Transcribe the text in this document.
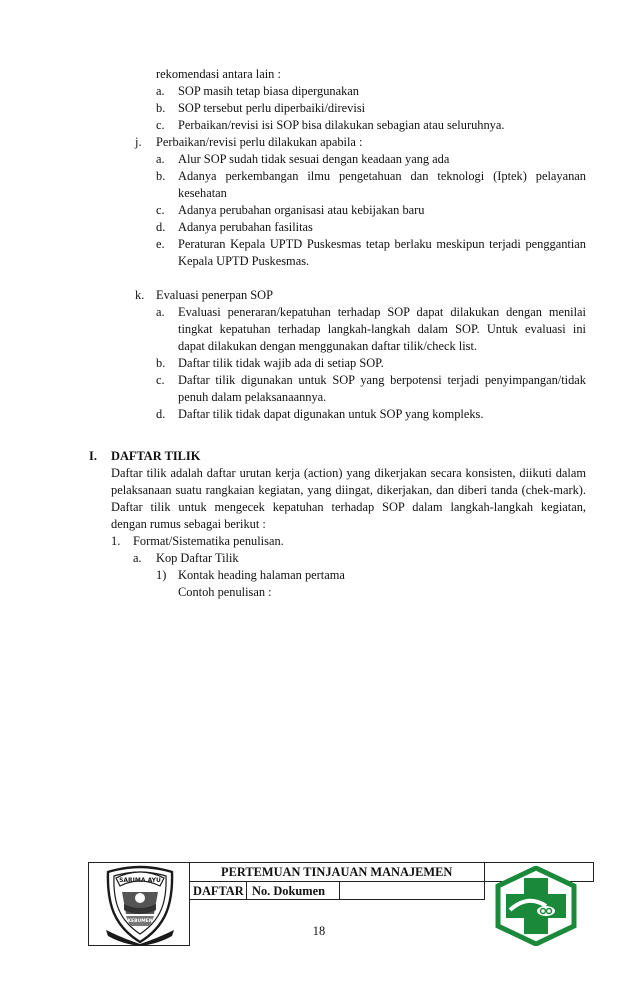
rekomendasi antara lain :
a. SOP masih tetap biasa dipergunakan
b. SOP tersebut perlu diperbaiki/direvisi
c. Perbaikan/revisi isi SOP bisa dilakukan sebagian atau seluruhnya.
j. Perbaikan/revisi perlu dilakukan apabila :
a. Alur SOP sudah tidak sesuai dengan keadaan yang ada
b. Adanya perkembangan ilmu pengetahuan dan teknologi (Iptek) pelayanan
kesehatan
c. Adanya perubahan organisasi atau kebijakan baru
d. Adanya perubahan fasilitas
e. Peraturan Kepala UPTD Puskesmas tetap berlaku meskipun terjadi penggantian
Kepala UPTD Puskesmas.
k. Evaluasi penerpan SOP
a. Evaluasi peneraran/kepatuhan terhadap SOP dapat dilakukan dengan menilai
tingkat kepatuhan terhadap langkah-langkah dalam SOP. Untuk evaluasi ini
dapat dilakukan dengan menggunakan daftar tilik/check list.
b. Daftar tilik tidak wajib ada di setiap SOP.
c. Daftar tilik digunakan untuk SOP yang berpotensi terjadi penyimpangan/tidak
penuh dalam pelaksanaannya.
d. Daftar tilik tidak dapat digunakan untuk SOP yang kompleks.
I. DAFTAR TILIK
Daftar tilik adalah daftar urutan kerja (action) yang dikerjakan secara konsisten, diikuti dalam
pelaksanaan suatu rangkaian kegiatan, yang diingat, dikerjakan, dan diberi tanda (chek-mark).
Daftar tilik untuk mengecek kepatuhan terhadap SOP dalam langkah-langkah kegiatan,
dengan rumus sebagai berikut :
1. Format/Sistematika penulisan.
a. Kop Daftar Tilik
1) Kontak heading halaman pertama
Contoh penulisan :
PERTEMUAN TINJAUAN MANAJEMEN
DAFTAR No. Dokumen
SARIMA AYU
KEBUMEN
18
